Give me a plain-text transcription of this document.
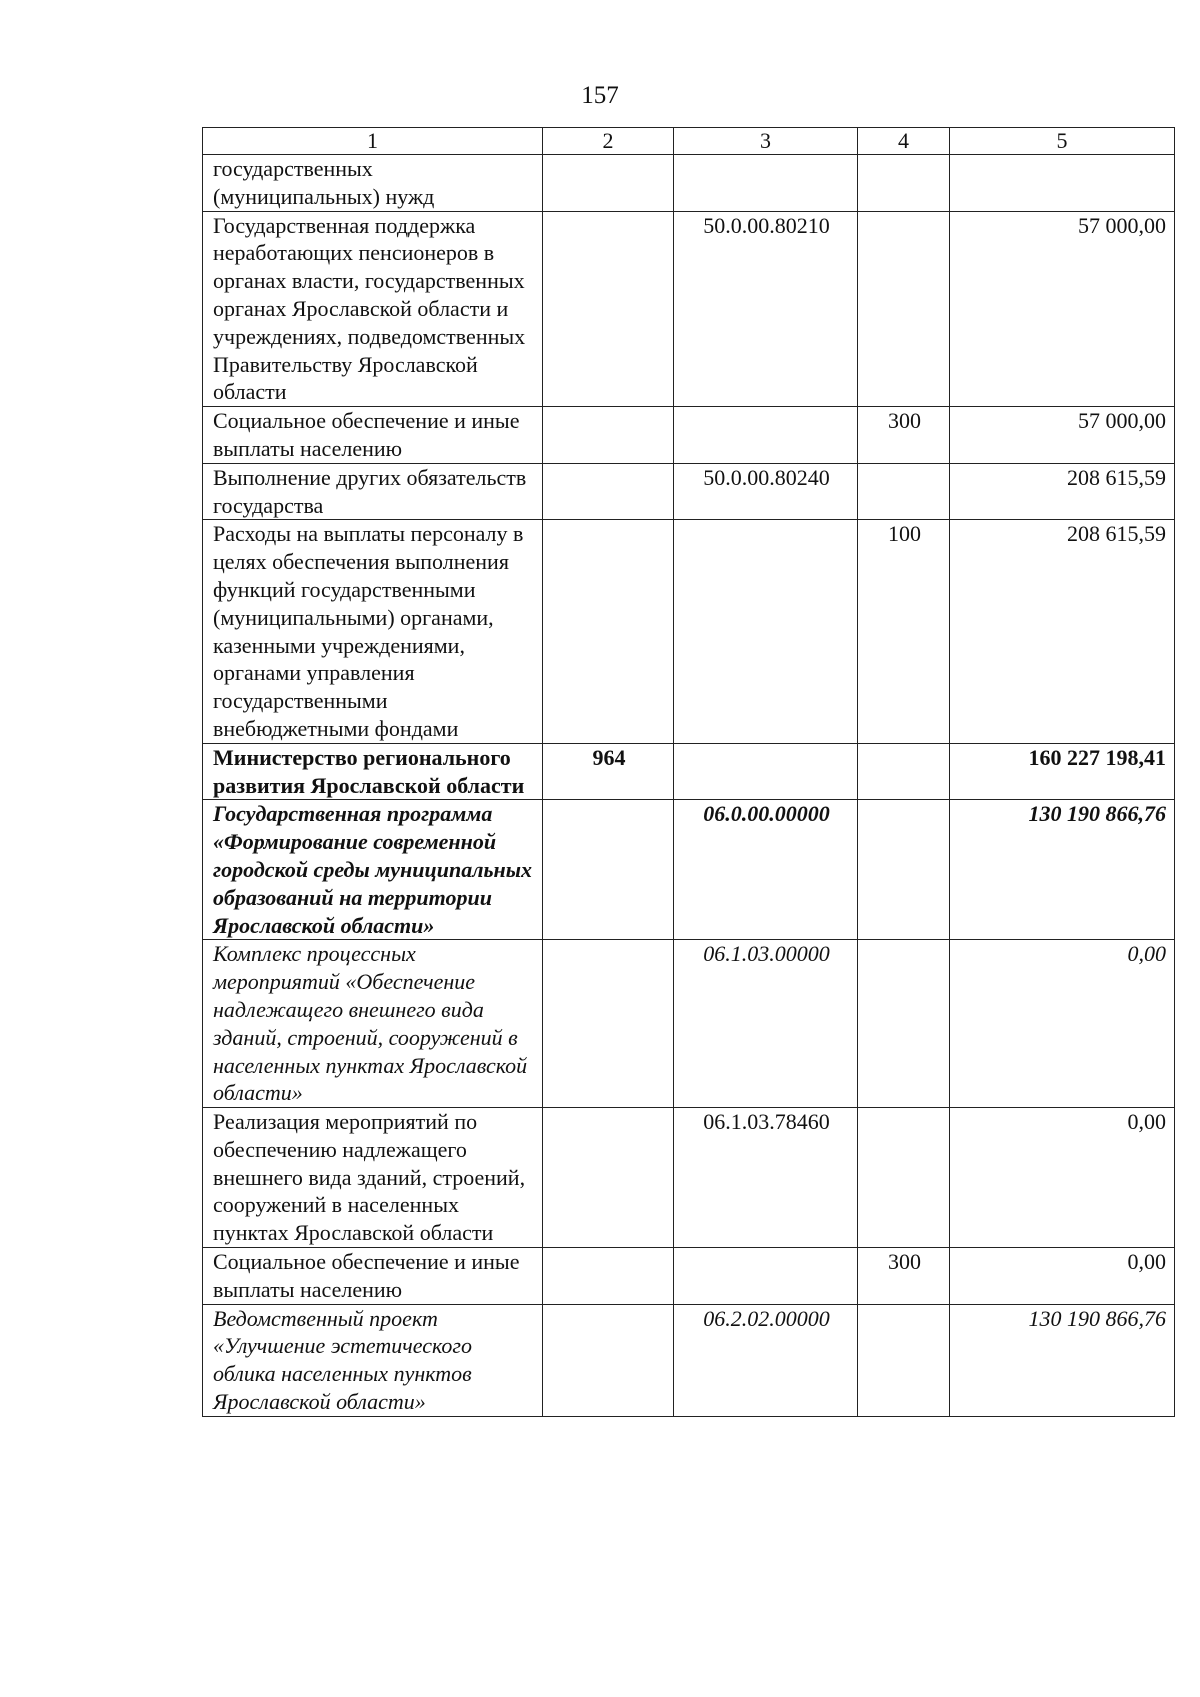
157
1	2	3	4	5
государственных (муниципальных) нужд				
Государственная поддержка неработающих пенсионеров в органах власти, государственных органах Ярославской области и учреждениях, подведомственных Правительству Ярославской области		50.0.00.80210		57 000,00
Социальное обеспечение и иные выплаты населению			300	57 000,00
Выполнение других обязательств государства		50.0.00.80240		208 615,59
Расходы на выплаты персоналу в целях обеспечения выполнения функций государственными (муниципальными) органами, казенными учреждениями, органами управления государственными внебюджетными фондами			100	208 615,59
Министерство регионального развития Ярославской области	964			160 227 198,41
Государственная программа «Формирование современной городской среды муниципальных образований на территории Ярославской области»		06.0.00.00000		130 190 866,76
Комплекс процессных мероприятий «Обеспечение надлежащего внешнего вида зданий, строений, сооружений в населенных пунктах Ярославской области»		06.1.03.00000		0,00
Реализация мероприятий по обеспечению надлежащего внешнего вида зданий, строений, сооружений в населенных пунктах Ярославской области		06.1.03.78460		0,00
Социальное обеспечение и иные выплаты населению			300	0,00
Ведомственный проект «Улучшение эстетического облика населенных пунктов Ярославской области»		06.2.02.00000		130 190 866,76
